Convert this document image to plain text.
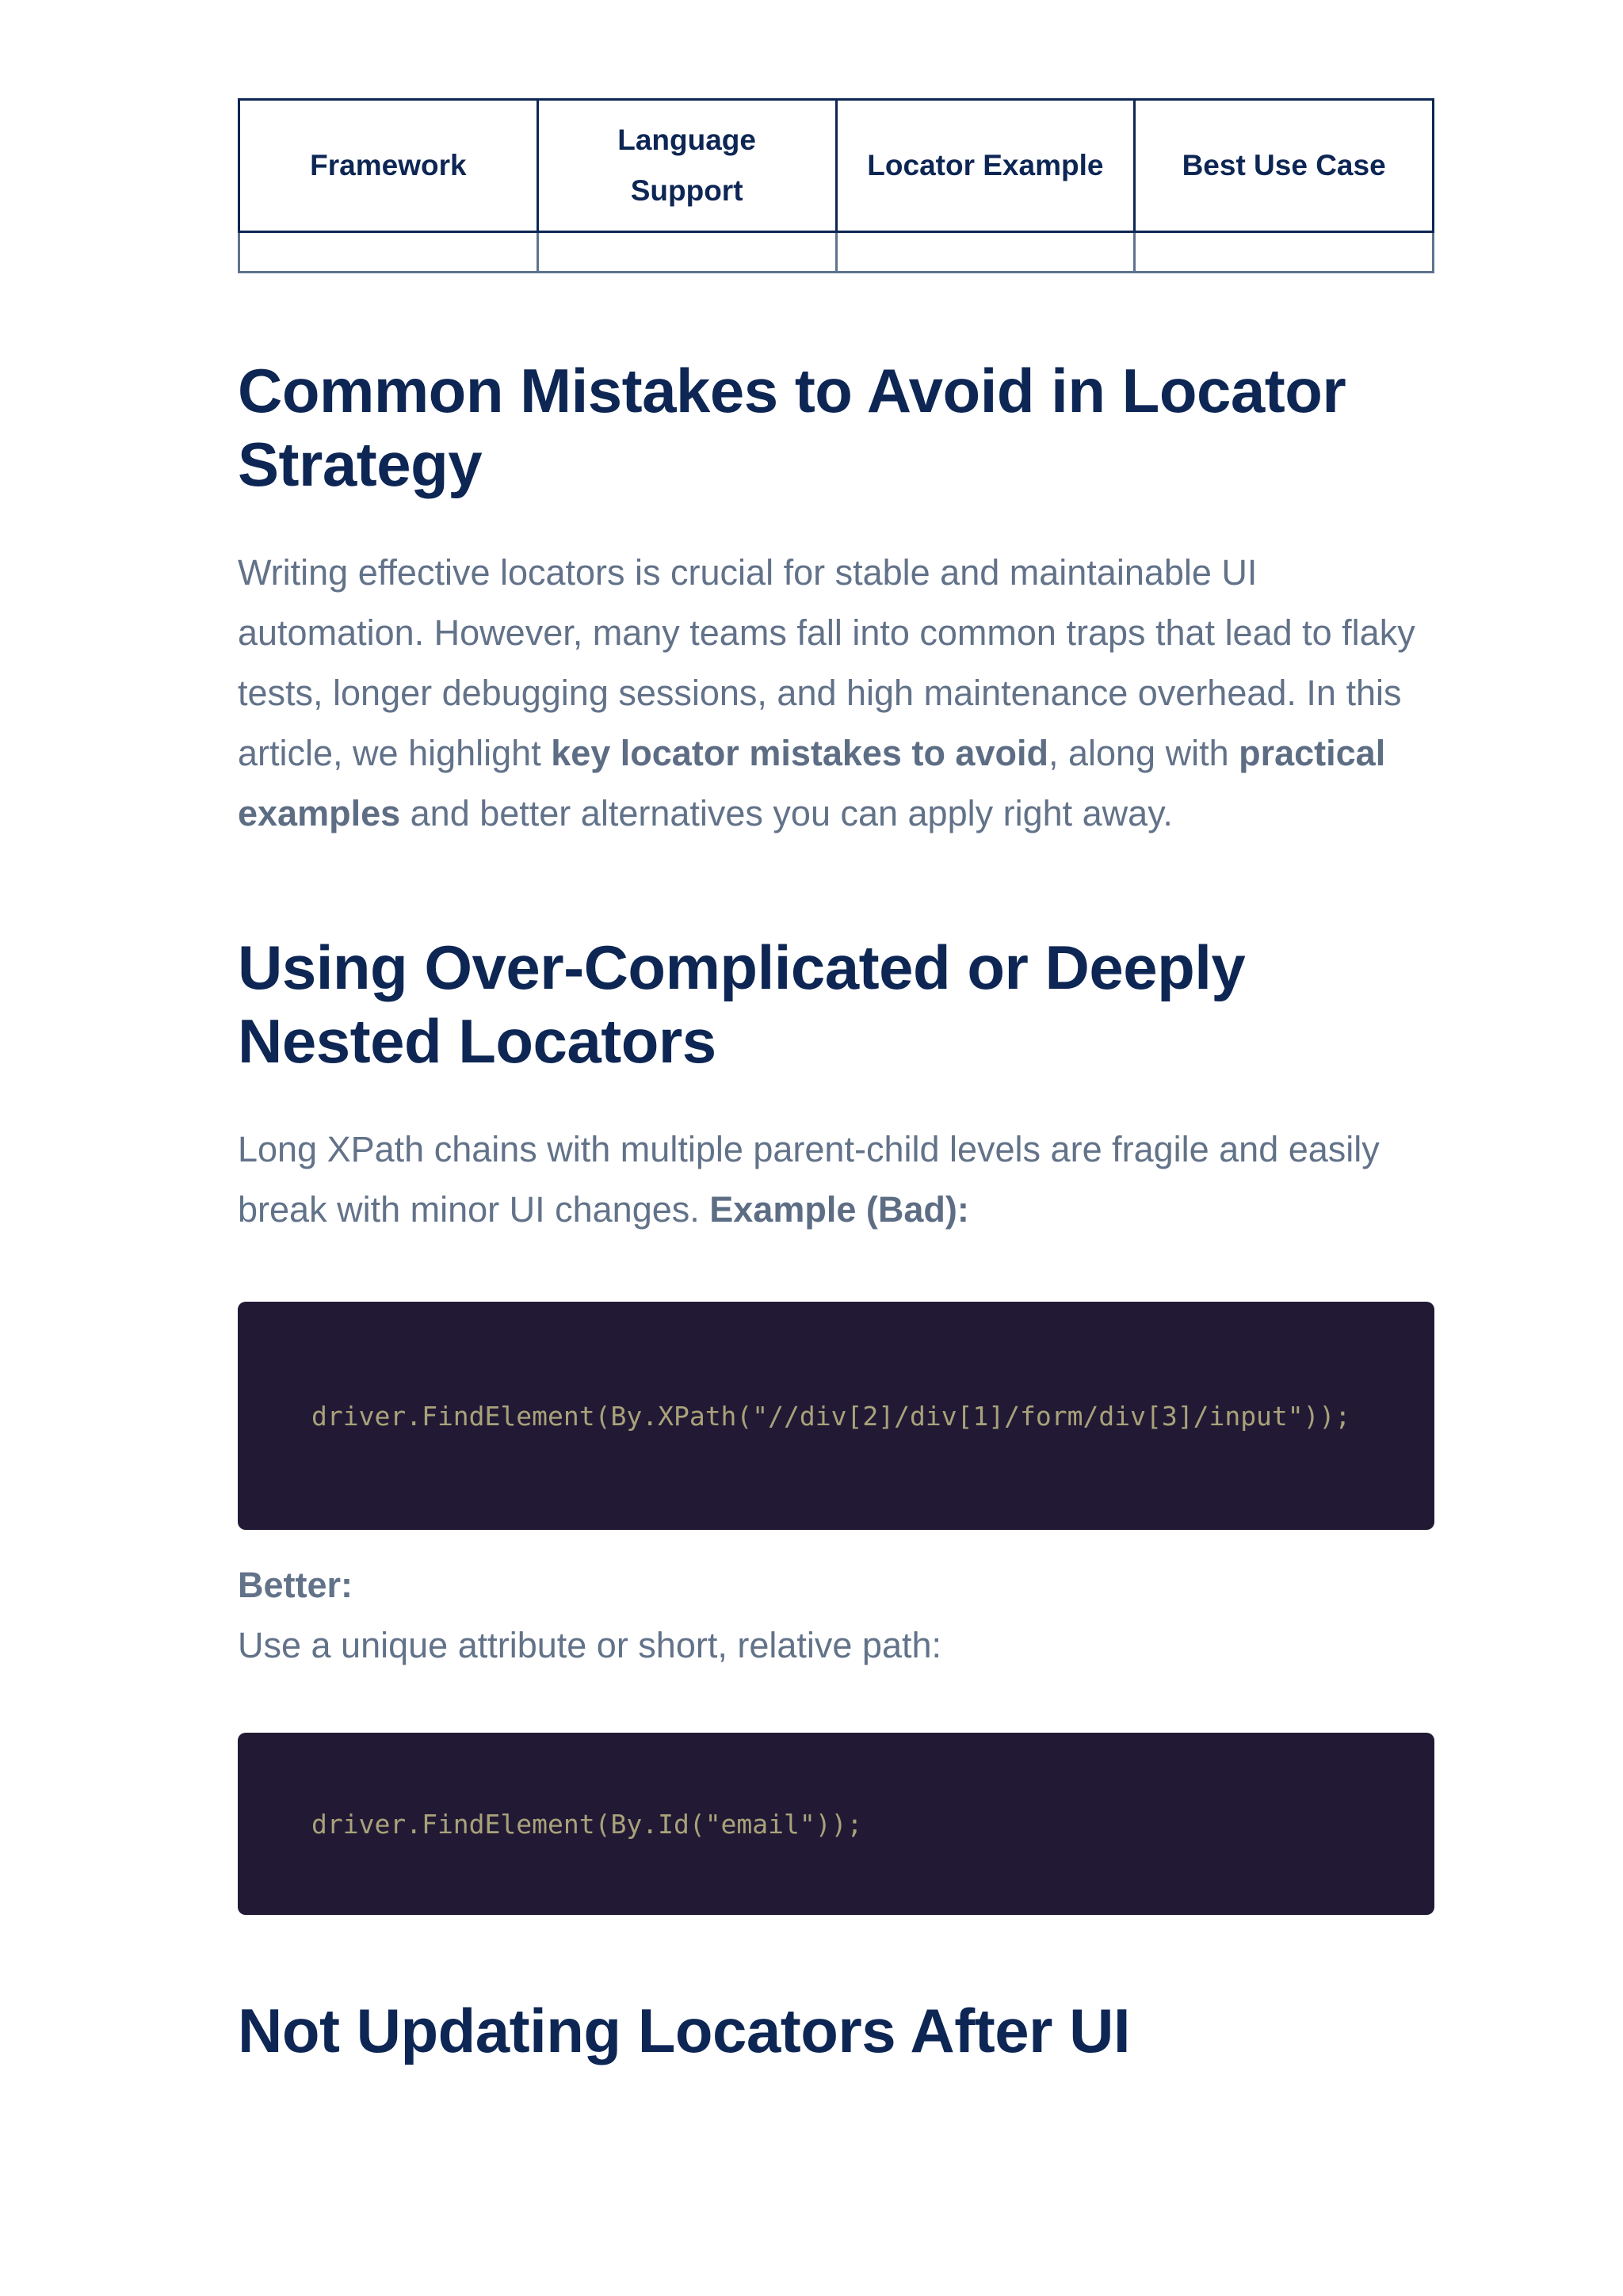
Framework	Language Support	Locator Example	Best Use Case

Common Mistakes to Avoid in Locator Strategy

Writing effective locators is crucial for stable and maintainable UI automation. However, many teams fall into common traps that lead to flaky tests, longer debugging sessions, and high maintenance overhead. In this article, we highlight key locator mistakes to avoid, along with practical examples and better alternatives you can apply right away.

Using Over-Complicated or Deeply Nested Locators

Long XPath chains with multiple parent-child levels are fragile and easily break with minor UI changes. Example (Bad):

driver.FindElement(By.XPath("//div[2]/div[1]/form/div[3]/input"));

Better:

Use a unique attribute or short, relative path:

driver.FindElement(By.Id("email"));
Not Updating Locators After UI
